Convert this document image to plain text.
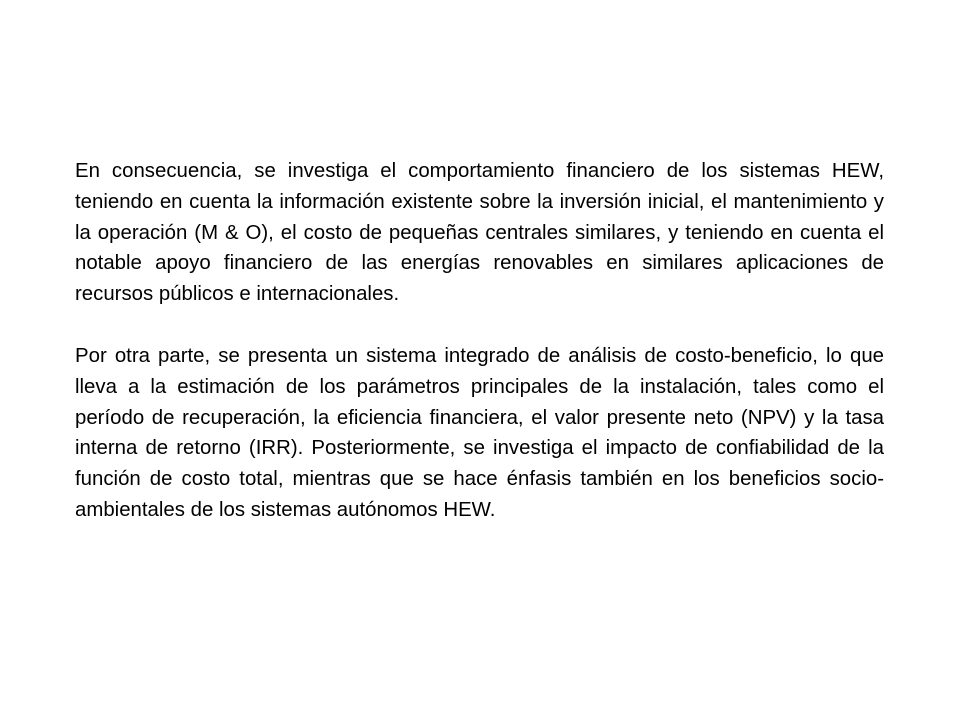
En consecuencia, se investiga el comportamiento financiero de los sistemas HEW, teniendo en cuenta la información existente sobre la inversión inicial, el mantenimiento y la operación (M & O), el costo de pequeñas centrales similares, y teniendo en cuenta el notable apoyo financiero de las energías renovables en similares aplicaciones de recursos públicos e internacionales.

Por otra parte, se presenta un sistema integrado de análisis de costo-beneficio, lo que lleva a la estimación de los parámetros principales de la instalación, tales como el período de recuperación, la eficiencia financiera, el valor presente neto (NPV) y la tasa interna de retorno (IRR). Posteriormente, se investiga el impacto de confiabilidad de la función de costo total, mientras que se hace énfasis también en los beneficios socio-ambientales de los sistemas autónomos HEW.
